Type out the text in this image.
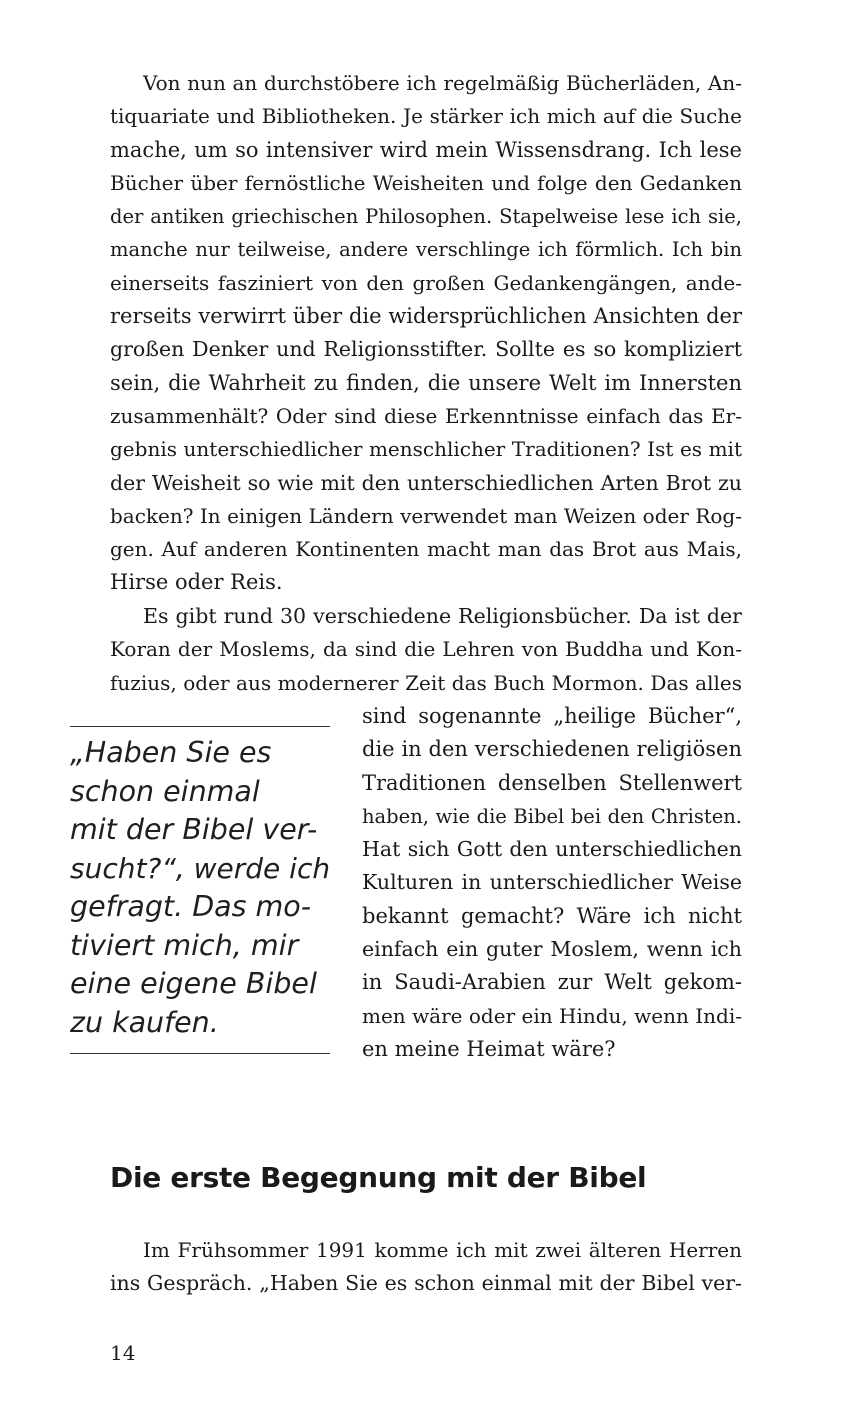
Von nun an durchstöbere ich regelmäßig Bücherläden, An-
tiquariate und Bibliotheken. Je stärker ich mich auf die Suche
mache, um so intensiver wird mein Wissensdrang. Ich lese
Bücher über fernöstliche Weisheiten und folge den Gedanken
der antiken griechischen Philosophen. Stapelweise lese ich sie,
manche nur teilweise, andere verschlinge ich förmlich. Ich bin
einerseits fasziniert von den großen Gedankengängen, ande-
rerseits verwirrt über die widersprüchlichen Ansichten der
großen Denker und Religionsstifter. Sollte es so kompliziert
sein, die Wahrheit zu finden, die unsere Welt im Innersten
zusammenhält? Oder sind diese Erkenntnisse einfach das Er-
gebnis unterschiedlicher menschlicher Traditionen? Ist es mit
der Weisheit so wie mit den unterschiedlichen Arten Brot zu
backen? In einigen Ländern verwendet man Weizen oder Rog-
gen. Auf anderen Kontinenten macht man das Brot aus Mais,
Hirse oder Reis.
Es gibt rund 30 verschiedene Religionsbücher. Da ist der
Koran der Moslems, da sind die Lehren von Buddha und Kon-
fuzius, oder aus modernerer Zeit das Buch Mormon. Das alles
sind sogenannte „heilige Bücher“,
die in den verschiedenen religiösen
Traditionen denselben Stellenwert
haben, wie die Bibel bei den Christen.
Hat sich Gott den unterschiedlichen
Kulturen in unterschiedlicher Weise
bekannt gemacht? Wäre ich nicht
einfach ein guter Moslem, wenn ich
in Saudi-Arabien zur Welt gekom-
men wäre oder ein Hindu, wenn Indi-
en meine Heimat wäre?
„Haben Sie es
schon einmal
mit der Bibel ver-
sucht?“, werde ich
gefragt. Das mo-
tiviert mich, mir
eine eigene Bibel
zu kaufen.
Die erste Begegnung mit der Bibel
Im Frühsommer 1991 komme ich mit zwei älteren Herren
ins Gespräch. „Haben Sie es schon einmal mit der Bibel ver-

14
